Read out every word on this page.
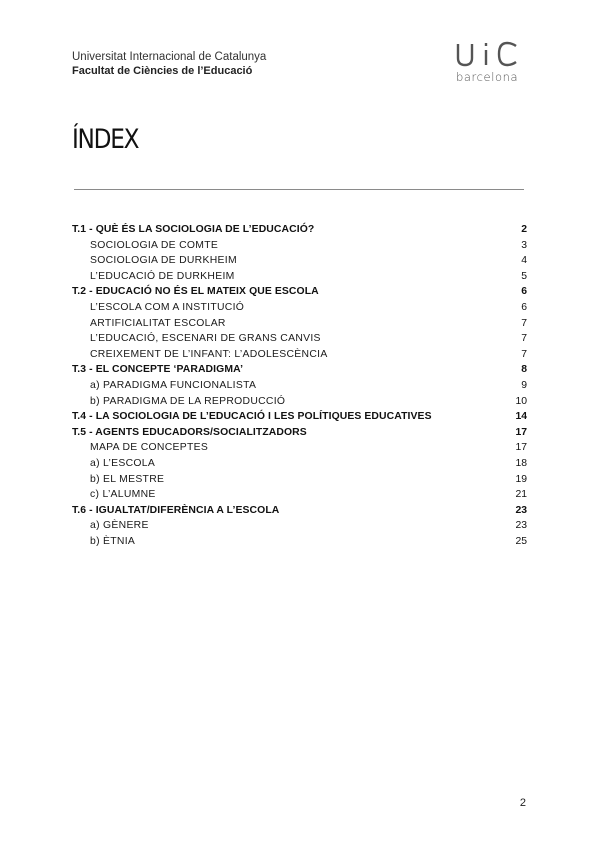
Universitat Internacional de Catalunya
Facultat de Ciències de l’Educació	barcelona
ÍNDEX
T.1 - QUÈ ÉS LA SOCIOLOGIA DE L’EDUCACIÓ?	2
SOCIOLOGIA DE COMTE	3
SOCIOLOGIA DE DURKHEIM	4
L’EDUCACIÓ DE DURKHEIM	5
T.2 - EDUCACIÓ NO ÉS EL MATEIX QUE ESCOLA	6
L’ESCOLA COM A INSTITUCIÓ	6
ARTIFICIALITAT ESCOLAR	7
L’EDUCACIÓ, ESCENARI DE GRANS CANVIS	7
CREIXEMENT DE L’INFANT: L’ADOLESCÈNCIA	7
T.3 - EL CONCEPTE ‘PARADIGMA’	8
a) PARADIGMA FUNCIONALISTA	9
b) PARADIGMA DE LA REPRODUCCIÓ	10
T.4 - LA SOCIOLOGIA DE L’EDUCACIÓ I LES POLÍTIQUES EDUCATIVES	14
T.5 - AGENTS EDUCADORS/SOCIALITZADORS	17
MAPA DE CONCEPTES	17
a) L’ESCOLA	18
b) EL MESTRE	19
c) L’ALUMNE	21
T.6 - IGUALTAT/DIFERÈNCIA A L’ESCOLA	23
a) GÈNERE	23
b) ÈTNIA	25
2
